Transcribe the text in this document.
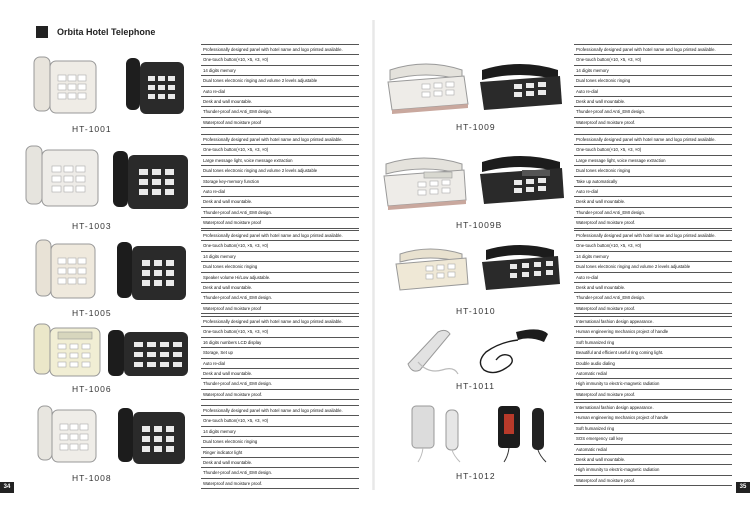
Orbita Hotel Telephone
HT-1001
Professionally designed panel with hotel name and logo printed available.
One-touch button(×10, ×5, ×3, ×0)
14 digits memory
Dual tones electronic ringing and volume 2 levels adjustable
Auto re-dial
Desk and wall mountable.
Thunder-proof and Anti_EMI design.
Waterproof and moisture proof
HT-1003
Professionally designed panel with hotel name and logo printed available.
One-touch button(×10, ×5, ×3, ×0)
Large message light, voice message extraction
Dual tones electronic ringing and volume 2 levels adjustable
Storage key-memory function
Auto re-dial
Desk and wall mountable.
Thunder-proof and Anti_EMI design.
Waterproof and moisture proof
HT-1005
Professionally designed panel with hotel name and logo printed available.
One-touch button(×10, ×5, ×3, ×0)
14 digits memory
Dual tones electronic ringing
Speaker volume Hi/Low adjustable.
Desk and wall mountable.
Thunder-proof and Anti_EMI design.
Waterproof and moisture proof
HT-1006
Professionally designed panel with hotel name and logo printed available.
One-touch button(×10, ×5, ×3, ×0)
16 digits numbers LCD display
Storage, Set up
Auto re-dial
Desk and wall mountable.
Thunder-proof and Anti_EMI design.
Waterproof and moisture proof.
HT-1008
Professionally designed panel with hotel name and logo printed available.
One-touch button(×10, ×5, ×3, ×0)
14 digits memory
Dual tones electronic ringing
Ringer indicator light
Desk and wall mountable.
Thunder-proof and Anti_EMI design.
Waterproof and moisture proof.
HT-1009
Professionally designed panel with hotel name and logo printed available.
One-touch button(×10, ×5, ×3, ×0)
14 digits memory
Dual tones electronic ringing
Auto re-dial
Desk and wall mountable.
Thunder-proof and Anti_EMI design.
Waterproof and moisture proof.
HT-1009B
Professionally designed panel with hotel name and logo printed available.
One-touch button(×10, ×5, ×3, ×0)
Large message light, voice message extraction
Dual tones electronic ringing
Take up automatically
Auto re-dial
Desk and wall mountable.
Thunder-proof and Anti_EMI design.
Waterproof and moisture proof.
HT-1010
Professionally designed panel with hotel name and logo printed available.
One-touch button(×10, ×5, ×3, ×0)
14 digits memory
Dual tones electronic ringing and volume 2 levels adjustable
Auto re-dial
Desk and wall mountable.
Thunder-proof and Anti_EMI design.
Waterproof and moisture proof.
HT-1011
International fashion design appearance.
Human engineering mechanics project of handle
Soft humanized ring
Beautiful and efficient useful ring coming light.
Double audio dialing
Automatic redial
High immunity to electric-magnetic radiation
Waterproof and moisture proof.
HT-1012
International fashion design appearance.
Human engineering mechanics project of handle
Soft humanized ring
SOS emergency call key
Automatic redial
Desk and wall mountable.
High immunity to electric-magnetic radiation
Waterproof and moisture proof.
34	35
